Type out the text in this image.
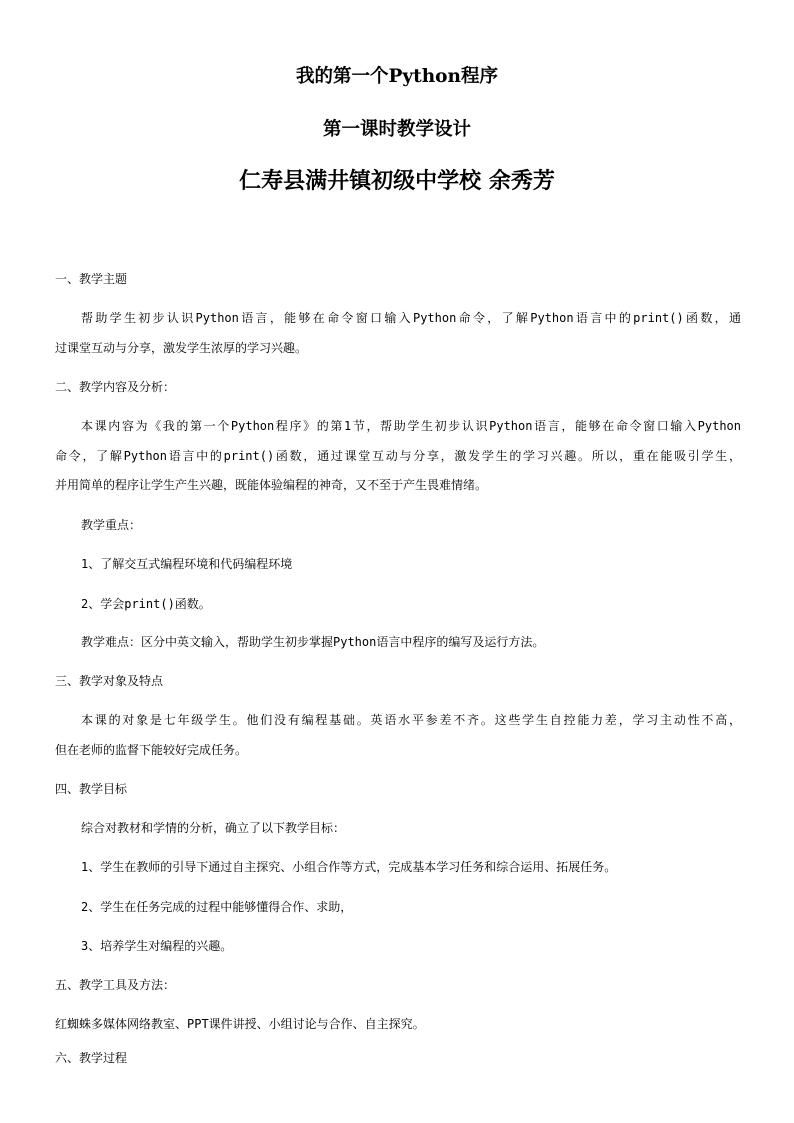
我的第一个Python程序
第一课时教学设计
仁寿县满井镇初级中学校 余秀芳
一、教学主题
帮助学生初步认识Python语言，能够在命令窗口输入Python命令，了解Python语言中的print()函数，通
过课堂互动与分享，激发学生浓厚的学习兴趣。
二、教学内容及分析：
本课内容为《我的第一个Python程序》的第1节，帮助学生初步认识Python语言，能够在命令窗口输入Python
命令，了解Python语言中的print()函数，通过课堂互动与分享，激发学生的学习兴趣。所以，重在能吸引学生，
并用简单的程序让学生产生兴趣，既能体验编程的神奇，又不至于产生畏难情绪。
教学重点：
1、了解交互式编程环境和代码编程环境
2、学会print()函数。
教学难点：区分中英文输入，帮助学生初步掌握Python语言中程序的编写及运行方法。
三、教学对象及特点
本课的对象是七年级学生。他们没有编程基础。英语水平参差不齐。这些学生自控能力差，学习主动性不高，
但在老师的监督下能较好完成任务。
四、教学目标
综合对教材和学情的分析，确立了以下教学目标：
1、学生在教师的引导下通过自主探究、小组合作等方式，完成基本学习任务和综合运用、拓展任务。
2、学生在任务完成的过程中能够懂得合作、求助，
3、培养学生对编程的兴趣。
五、教学工具及方法：
红蜘蛛多媒体网络教室、PPT课件讲授、小组讨论与合作、自主探究。
六、教学过程
